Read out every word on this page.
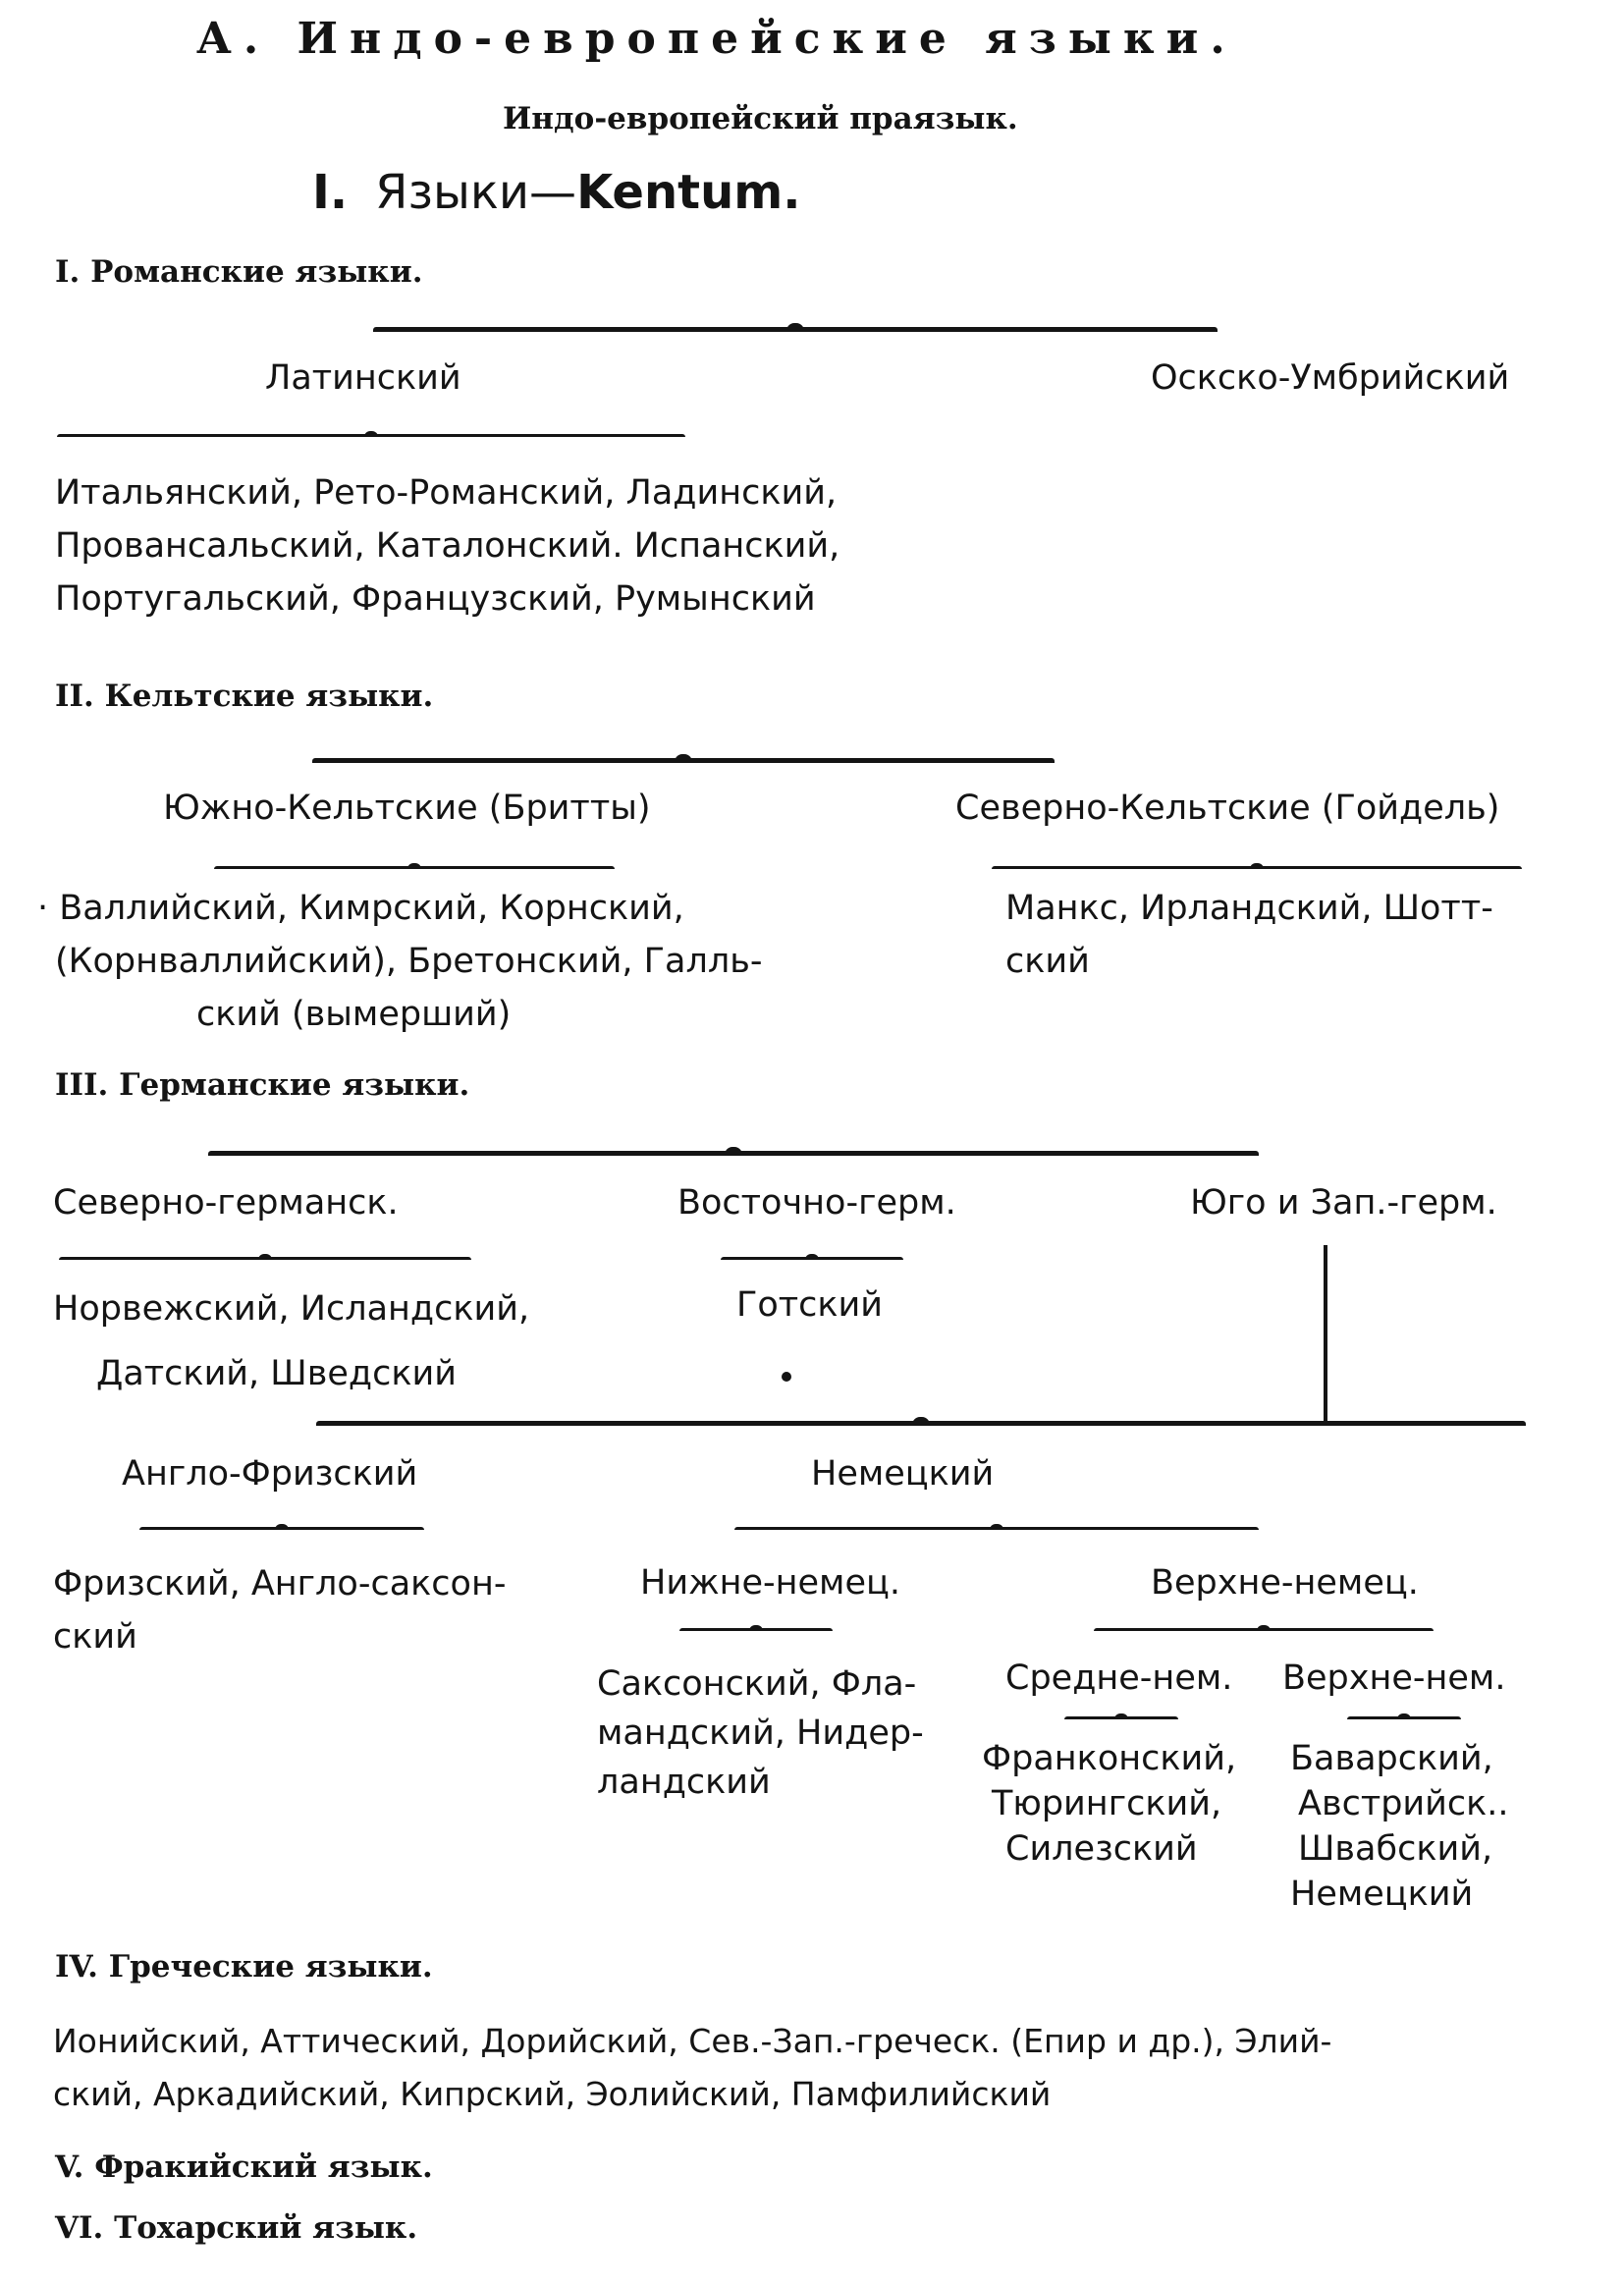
А. Индо-европейские языки.
Индо-европейский праязык.
I. Языки—Kentum.
I. Романские языки.
Латинский	Оскско-Умбрийский
Итальянский, Рето-Романский, Ладинский,
Провансальский, Каталонский. Испанский,
Португальский, Французский, Румынский
II. Кельтские языки.
Южно-Кельтские (Бритты)	Северно-Кельтские (Гойдель)
· Валлийский, Кимрский, Корнский,
(Корнваллийский), Бретонский, Галль-
ский (вымерший)
Манкс, Ирландский, Шотт-
ский
III. Германские языки.
Северно-германск.	Восточно-герм.	Юго и Зап.-герм.
Норвежский, Исландский,
Датский, Шведский
Готский
Англо-Фризский	Немецкий
Фризский, Англо-саксон-
ский
Нижне-немец.	Верхне-немец.
Саксонский, Фла-
мандский, Нидер-
ландский
Средне-нем. Верхне-нем.
Франконский,
Тюрингский,
Силезский
Баварский,
Австрийск..
Швабский,
Немецкий
IV. Греческие языки.
Ионийский, Аттический, Дорийский, Сев.-Зап.-греческ. (Епир и др.), Элий-
ский, Аркадийский, Кипрский, Эолийский, Памфилийский
V. Фракийский язык.
VI. Тохарский язык.
